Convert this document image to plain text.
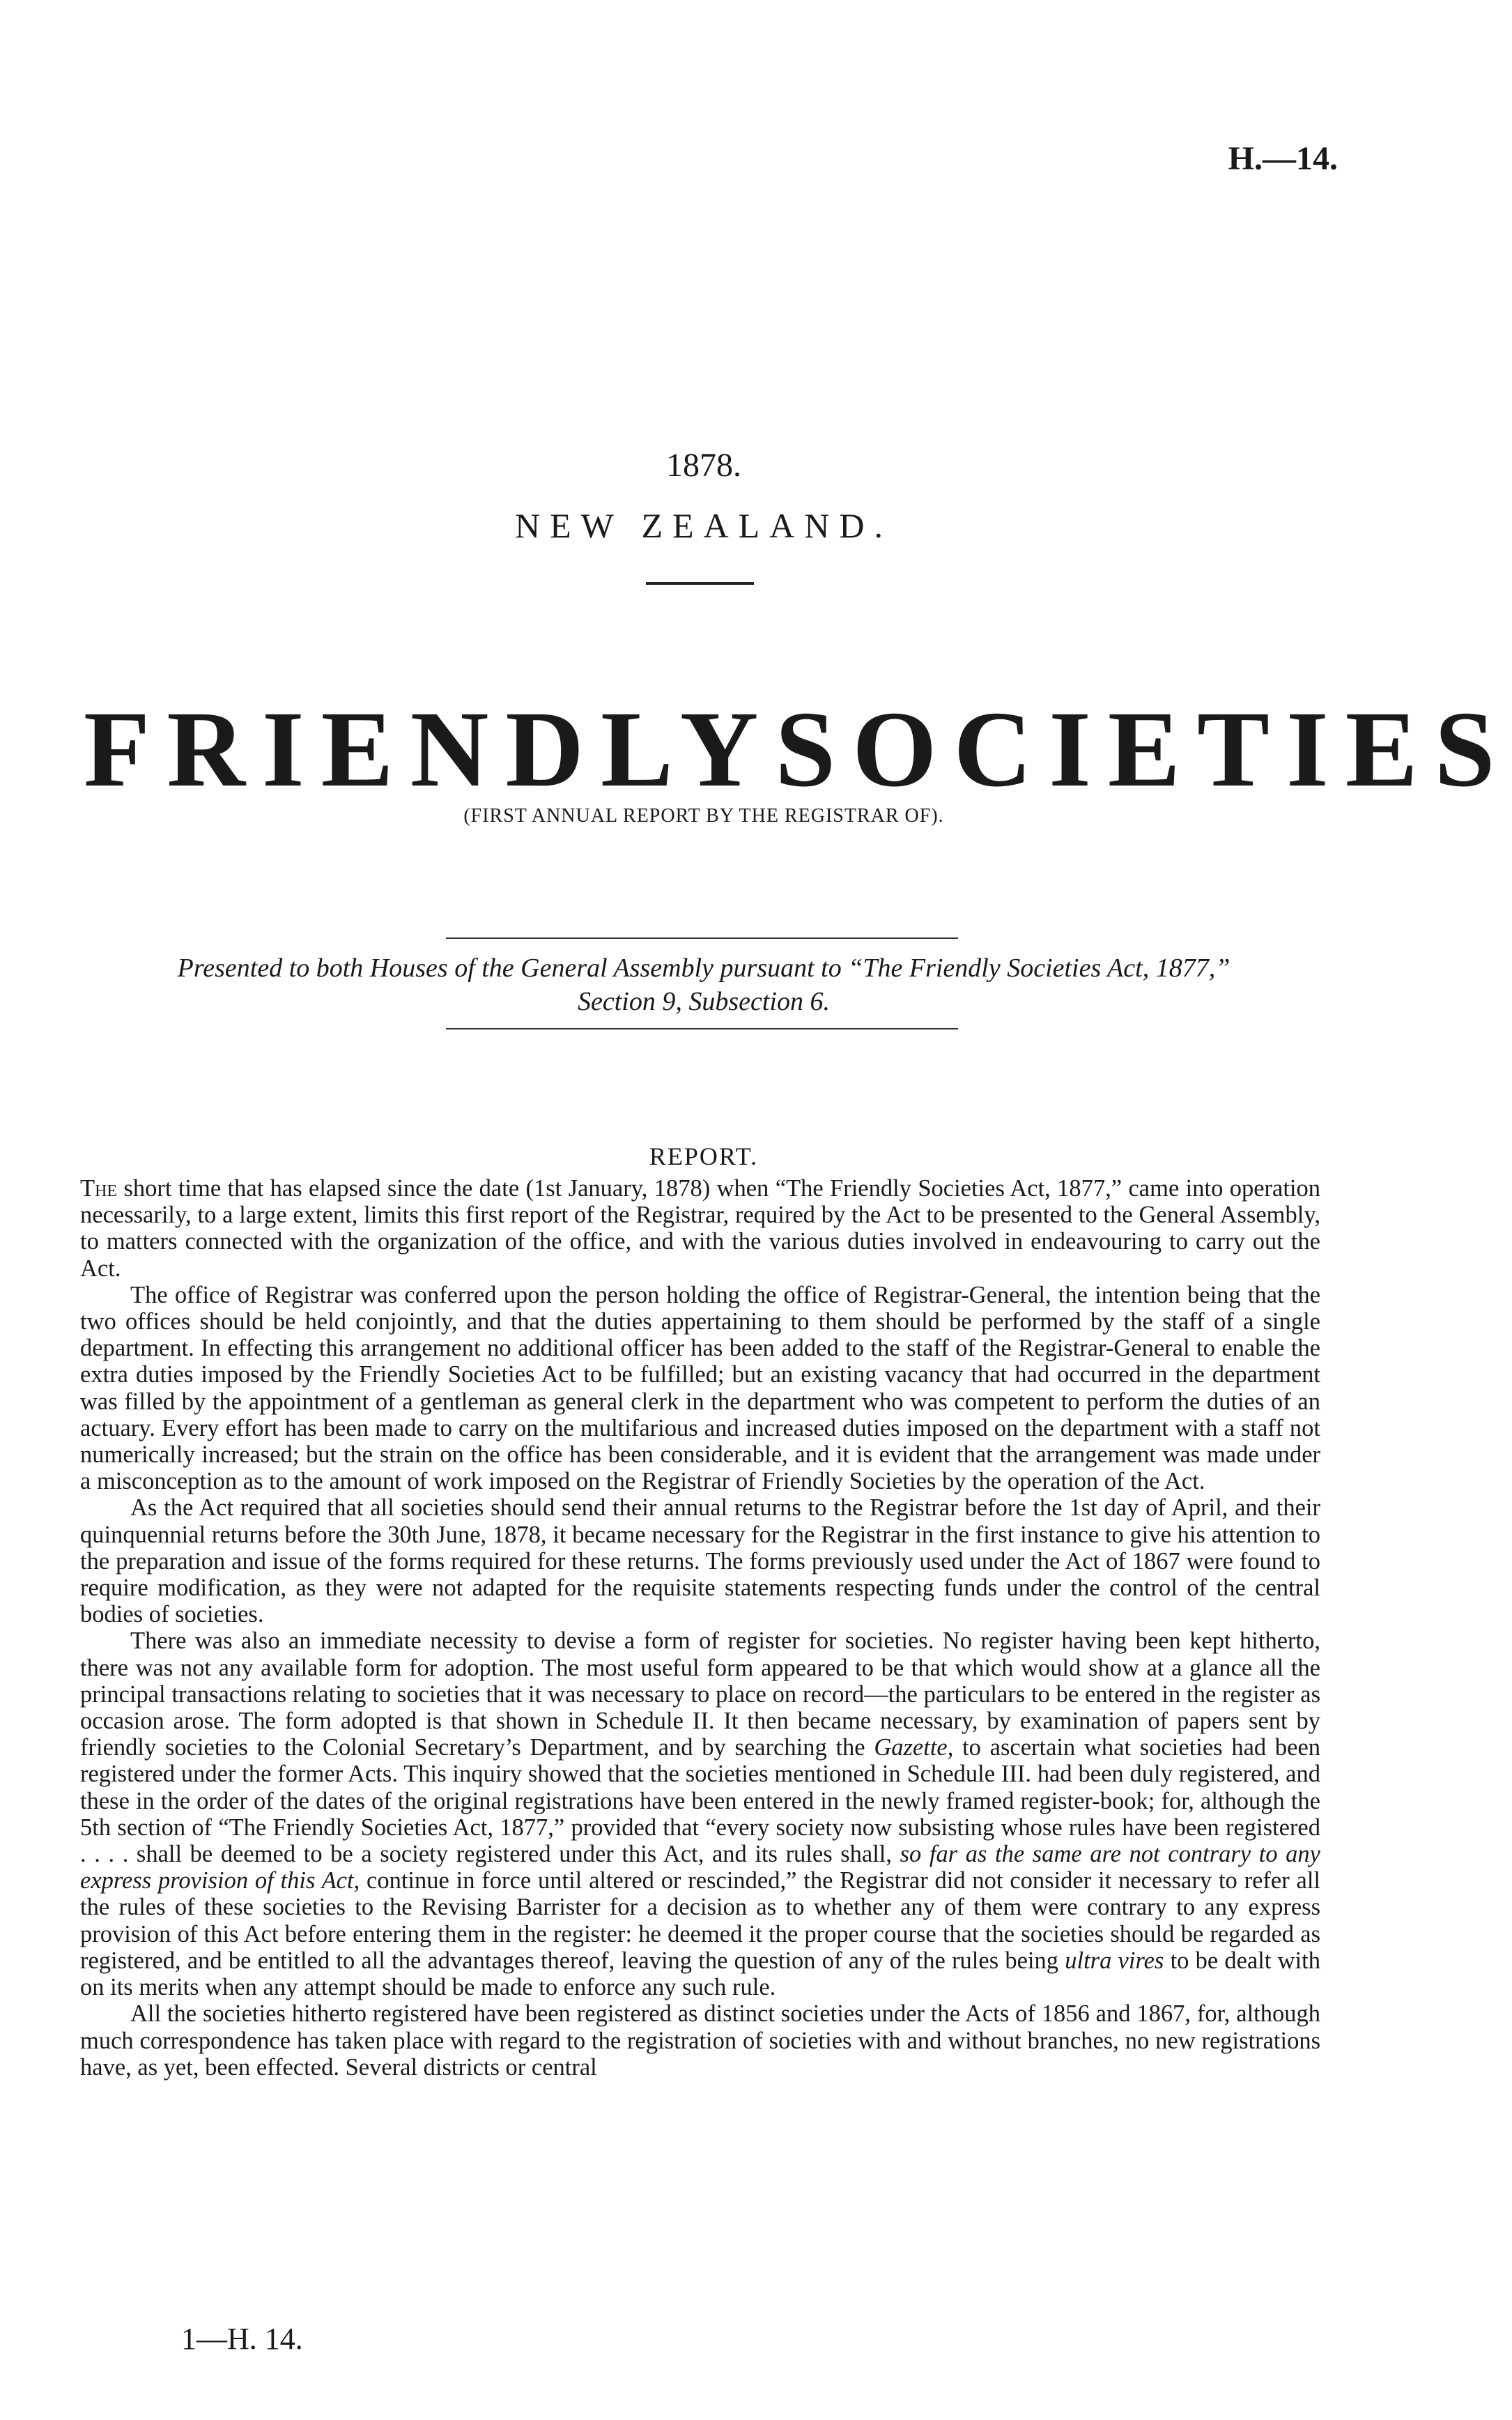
H.—14.
1878.
NEW ZEALAND.
FRIENDLY SOCIETIES
(FIRST ANNUAL REPORT BY THE REGISTRAR OF).
Presented to both Houses of the General Assembly pursuant to “The Friendly Societies Act, 1877,”
Section 9, Subsection 6.
REPORT.

The short time that has elapsed since the date (1st January, 1878) when “The Friendly Societies Act, 1877,” came into operation necessarily, to a large extent, limits this first report of the Registrar, required by the Act to be presented to the General Assembly, to matters connected with the organization of the office, and with the various duties involved in endeavouring to carry out the Act.

The office of Registrar was conferred upon the person holding the office of Registrar-General, the intention being that the two offices should be held conjointly, and that the duties appertaining to them should be performed by the staff of a single department. In effecting this arrangement no additional officer has been added to the staff of the Registrar-General to enable the extra duties imposed by the Friendly Societies Act to be fulfilled; but an existing vacancy that had occurred in the department was filled by the appointment of a gentleman as general clerk in the department who was competent to perform the duties of an actuary. Every effort has been made to carry on the multifarious and increased duties imposed on the department with a staff not numerically increased; but the strain on the office has been considerable, and it is evident that the arrangement was made under a misconception as to the amount of work imposed on the Registrar of Friendly Societies by the operation of the Act.

As the Act required that all societies should send their annual returns to the Registrar before the 1st day of April, and their quinquennial returns before the 30th June, 1878, it became necessary for the Registrar in the first instance to give his attention to the preparation and issue of the forms required for these returns. The forms previously used under the Act of 1867 were found to require modification, as they were not adapted for the requisite statements respecting funds under the control of the central bodies of societies.

There was also an immediate necessity to devise a form of register for societies. No register having been kept hitherto, there was not any available form for adoption. The most useful form appeared to be that which would show at a glance all the principal transactions relating to societies that it was necessary to place on record—the particulars to be entered in the register as occasion arose. The form adopted is that shown in Schedule II. It then became necessary, by examination of papers sent by friendly societies to the Colonial Secretary’s Department, and by searching the Gazette, to ascertain what societies had been registered under the former Acts. This inquiry showed that the societies mentioned in Schedule III. had been duly registered, and these in the order of the dates of the original registrations have been entered in the newly framed register-book; for, although the 5th section of “The Friendly Societies Act, 1877,” provided that “every society now subsisting whose rules have been registered . . . . shall be deemed to be a society registered under this Act, and its rules shall, so far as the same are not contrary to any express provision of this Act, continue in force until altered or rescinded,” the Registrar did not consider it necessary to refer all the rules of these societies to the Revising Barrister for a decision as to whether any of them were contrary to any express provision of this Act before entering them in the register: he deemed it the proper course that the societies should be regarded as registered, and be entitled to all the advantages thereof, leaving the question of any of the rules being ultra vires to be dealt with on its merits when any attempt should be made to enforce any such rule.

All the societies hitherto registered have been registered as distinct societies under the Acts of 1856 and 1867, for, although much correspondence has taken place with regard to the registration of societies with and without branches, no new registrations have, as yet, been effected. Several districts or central

1—H. 14.
